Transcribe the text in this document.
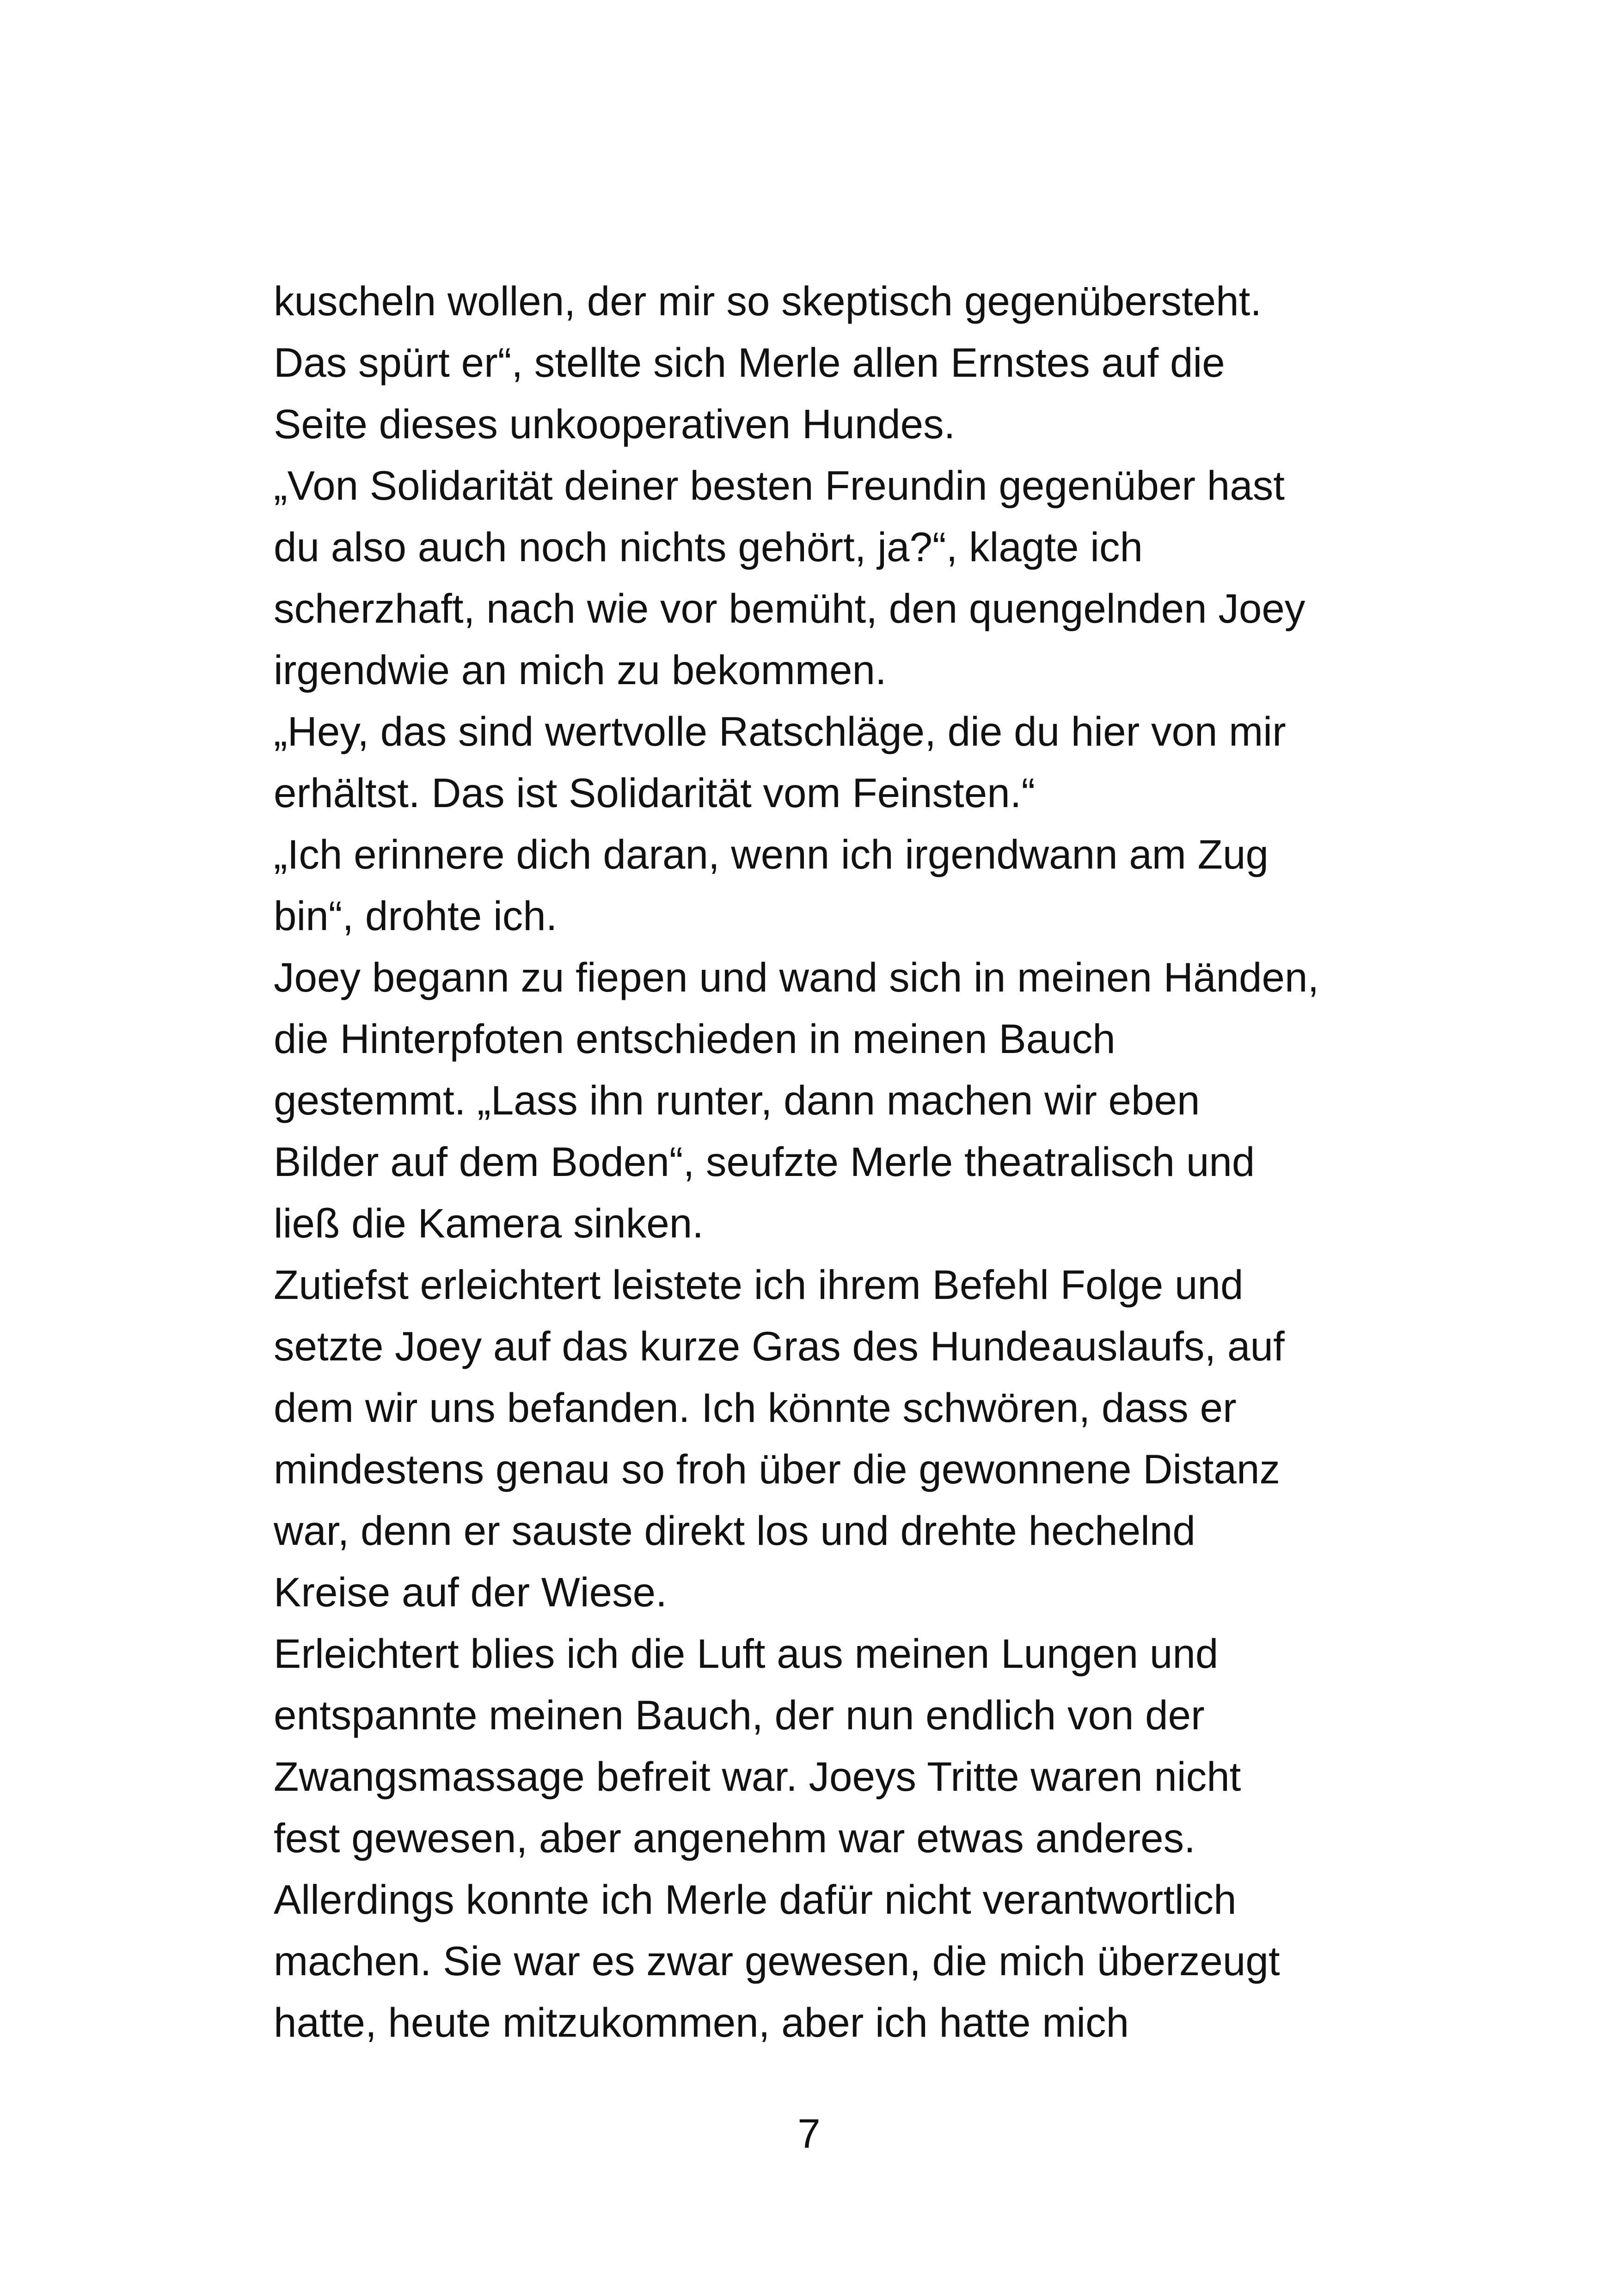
kuscheln wollen, der mir so skeptisch gegenübersteht.
Das spürt er“, stellte sich Merle allen Ernstes auf die
Seite dieses unkooperativen Hundes.
„Von Solidarität deiner besten Freundin gegenüber hast
du also auch noch nichts gehört, ja?“, klagte ich
scherzhaft, nach wie vor bemüht, den quengelnden Joey
irgendwie an mich zu bekommen.
„Hey, das sind wertvolle Ratschläge, die du hier von mir
erhältst. Das ist Solidarität vom Feinsten.“
„Ich erinnere dich daran, wenn ich irgendwann am Zug
bin“, drohte ich.
Joey begann zu fiepen und wand sich in meinen Händen,
die Hinterpfoten entschieden in meinen Bauch
gestemmt. „Lass ihn runter, dann machen wir eben
Bilder auf dem Boden“, seufzte Merle theatralisch und
ließ die Kamera sinken.
Zutiefst erleichtert leistete ich ihrem Befehl Folge und
setzte Joey auf das kurze Gras des Hundeauslaufs, auf
dem wir uns befanden. Ich könnte schwören, dass er
mindestens genau so froh über die gewonnene Distanz
war, denn er sauste direkt los und drehte hechelnd
Kreise auf der Wiese.
Erleichtert blies ich die Luft aus meinen Lungen und
entspannte meinen Bauch, der nun endlich von der
Zwangsmassage befreit war. Joeys Tritte waren nicht
fest gewesen, aber angenehm war etwas anderes.
Allerdings konnte ich Merle dafür nicht verantwortlich
machen. Sie war es zwar gewesen, die mich überzeugt
hatte, heute mitzukommen, aber ich hatte mich
7
